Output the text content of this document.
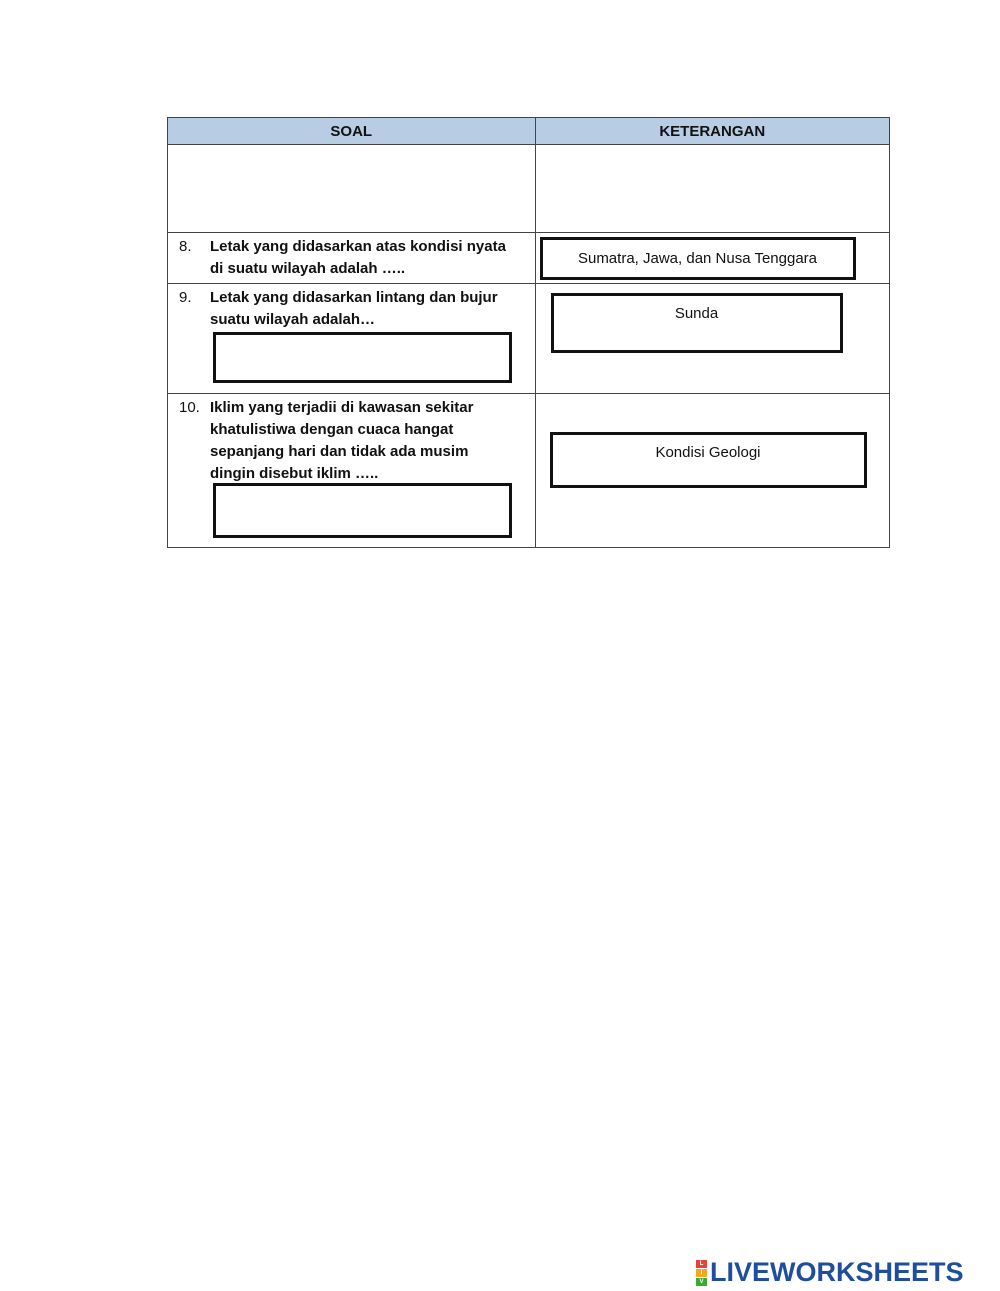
SOAL	KETERANGAN

8. Letak yang didasarkan atas kondisi nyata di suatu wilayah adalah …..	Sumatra, Jawa, dan Nusa Tenggara

9. Letak yang didasarkan lintang dan bujur suatu wilayah adalah…	Sunda

10. Iklim yang terjadii di kawasan sekitar khatulistiwa dengan cuaca hangat sepanjang hari dan tidak ada musim dingin disebut iklim …..	Kondisi Geologi
L
I
V LIVEWORKSHEETS
